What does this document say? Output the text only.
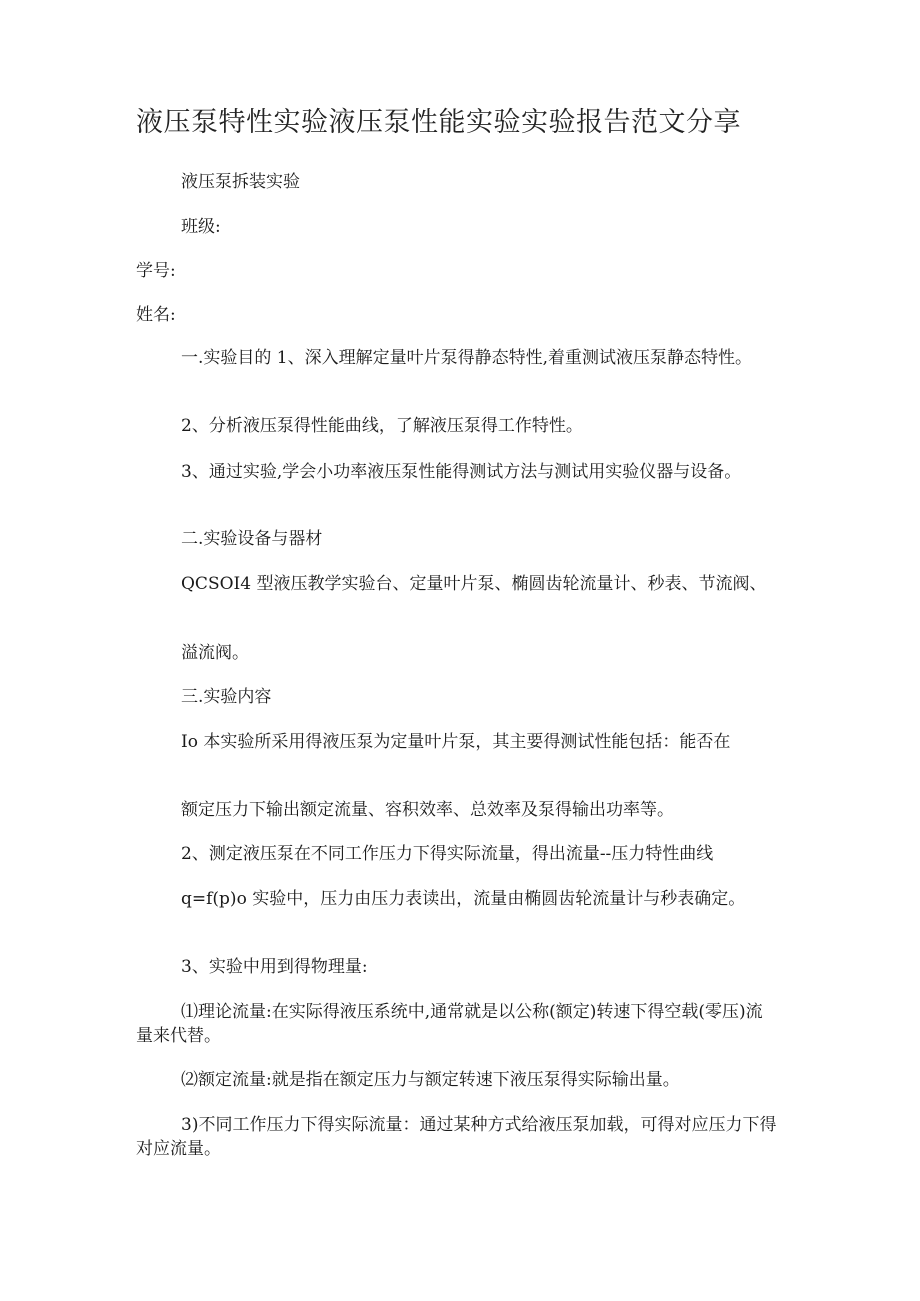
液压泵特性实验液压泵性能实验实验报告范文分享

液压泵拆装实验

班级:

学号:

姓名:

一.实验目的 1、深入理解定量叶片泵得静态特性,着重测试液压泵静态特性。

2、分析液压泵得性能曲线，了解液压泵得工作特性。

3、通过实验,学会小功率液压泵性能得测试方法与测试用实验仪器与设备。

二.实验设备与器材

QCSOI4 型液压教学实验台、定量叶片泵、椭圆齿轮流量计、秒表、节流阀、

溢流阀。

三.实验内容

Io 本实验所采用得液压泵为定量叶片泵，其主要得测试性能包括：能否在

额定压力下输出额定流量、容积效率、总效率及泵得输出功率等。

2、测定液压泵在不同工作压力下得实际流量，得出流量--压力特性曲线

q=f(p)o 实验中，压力由压力表读出，流量由椭圆齿轮流量计与秒表确定。

3、实验中用到得物理量:

⑴理论流量:在实际得液压系统中,通常就是以公称(额定)转速下得空载(零压)流量来代替。

⑵额定流量:就是指在额定压力与额定转速下液压泵得实际输出量。

3)不同工作压力下得实际流量：通过某种方式给液压泵加载，可得对应压力下得对应流量。
